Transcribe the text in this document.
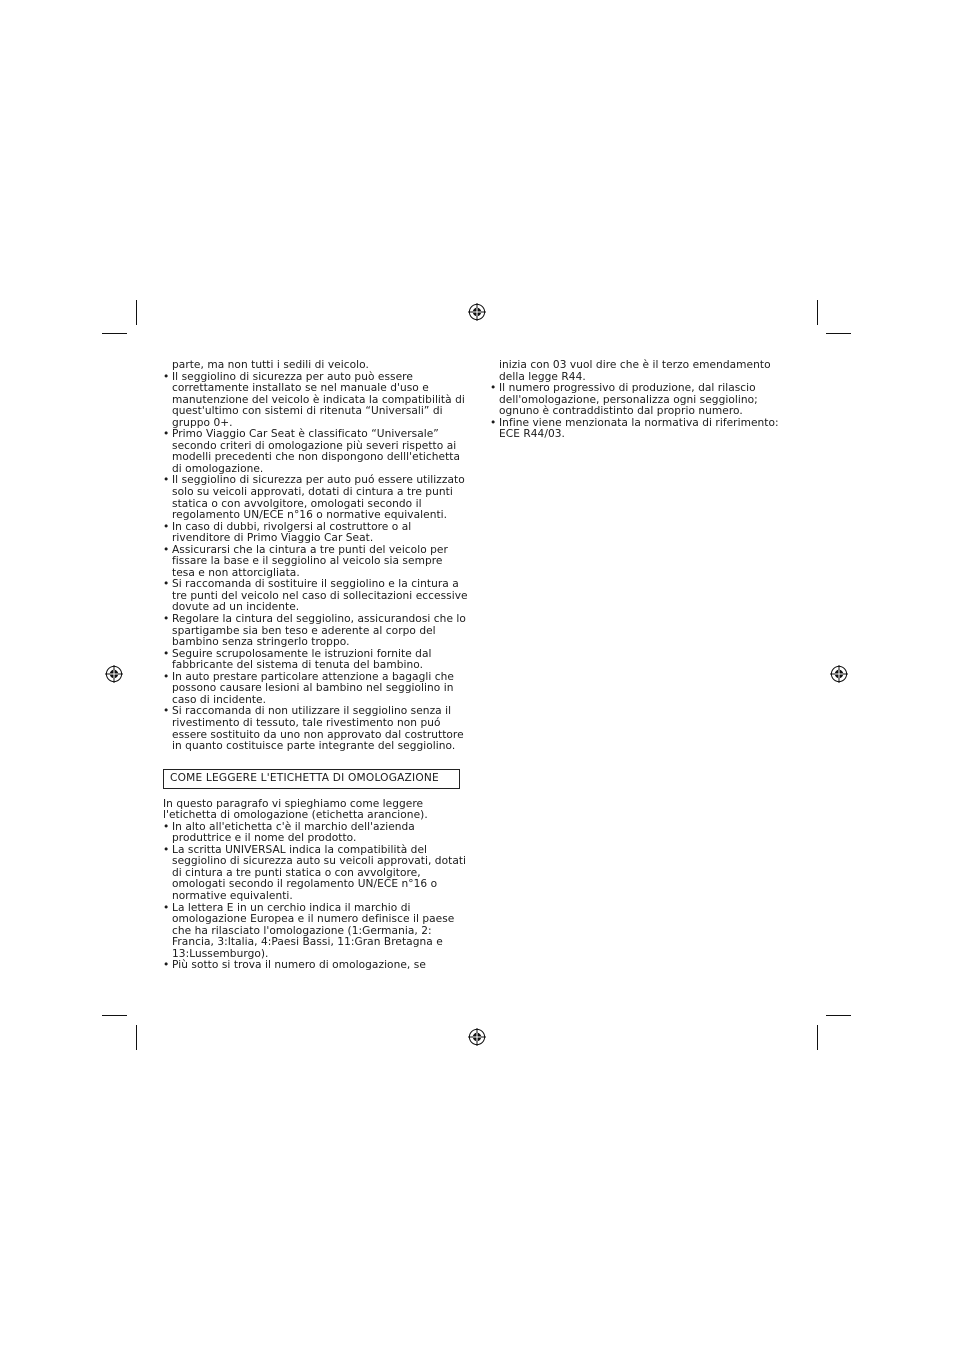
parte, ma non tutti i sedili di veicolo.

• Il seggiolino di sicurezza per auto può essere correttamente installato se nel manuale d'uso e manutenzione del veicolo è indicata la compatibilità di quest'ultimo con sistemi di ritenuta “Universali” di gruppo 0+.
• Primo Viaggio Car Seat è classificato “Universale” secondo criteri di omologazione più severi rispetto ai modelli precedenti che non dispongono delll'etichetta di omologazione.
• Il seggiolino di sicurezza per auto puó essere utilizzato solo su veicoli approvati, dotati di cintura a tre punti statica o con avvolgitore, omologati secondo il regolamento UN/ECE n°16 o normative equivalenti.
• In caso di dubbi, rivolgersi al costruttore o al rivenditore di Primo Viaggio Car Seat.
• Assicurarsi che la cintura a tre punti del veicolo per fissare la base e il seggiolino al veicolo sia sempre tesa e non attorcigliata.
• Si raccomanda di sostituire il seggiolino e la cintura a tre punti del veicolo nel caso di sollecitazioni eccessive dovute ad un incidente.
• Regolare la cintura del seggiolino, assicurandosi che lo spartigambe sia ben teso e aderente al corpo del bambino senza stringerlo troppo.
• Seguire scrupolosamente le istruzioni fornite dal fabbricante del sistema di tenuta del bambino.
• In auto prestare particolare attenzione a bagagli che possono causare lesioni al bambino nel seggiolino in caso di incidente.
• Si raccomanda di non utilizzare il seggiolino senza il rivestimento di tessuto, tale rivestimento non puó essere sostituito da uno non approvato dal costruttore in quanto costituisce parte integrante del seggiolino.
COME LEGGERE L'ETICHETTA DI OMOLOGAZIONE

In questo paragrafo vi spieghiamo come leggere l'etichetta di omologazione (etichetta arancione).

• In alto all'etichetta c'è il marchio dell'azienda produttrice e il nome del prodotto.
• La scritta UNIVERSAL indica la compatibilità del seggiolino di sicurezza auto su veicoli approvati, dotati di cintura a tre punti statica o con avvolgitore, omologati secondo il regolamento UN/ECE n°16 o normative equivalenti.
• La lettera E in un cerchio indica il marchio di omologazione Europea e il numero definisce il paese che ha rilasciato l'omologazione (1:Germania, 2: Francia, 3:Italia, 4:Paesi Bassi, 11:Gran Bretagna e 13:Lussemburgo).
• Più sotto si trova il numero di omologazione, se

inizia con 03 vuol dire che è il terzo emendamento della legge R44.

• Il numero progressivo di produzione, dal rilascio dell'omologazione, personalizza ogni seggiolino; ognuno è contraddistinto dal proprio numero.
• Infine viene menzionata la normativa di riferimento: ECE R44/03.
